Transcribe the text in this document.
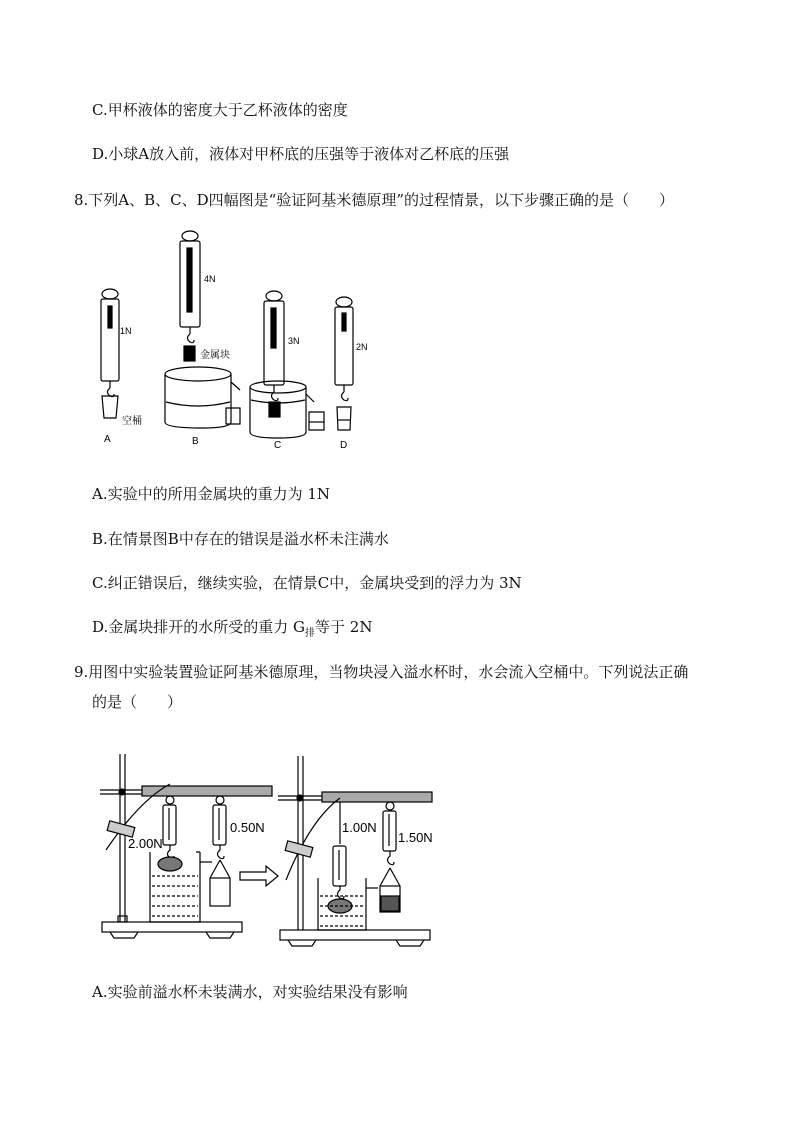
C.甲杯液体的密度大于乙杯液体的密度
D.小球A放入前，液体对甲杯底的压强等于液体对乙杯底的压强
8.下列A、B、C、D四幅图是“验证阿基米德原理”的过程情景，以下步骤正确的是（　　）
1N
4N
3N
2N
空桶
金属块
A	B	C	D
A.实验中的所用金属块的重力为 1N
B.在情景图B中存在的错误是溢水杯未注满水
C.纠正错误后，继续实验，在情景C中，金属块受到的浮力为 3N
D.金属块排开的水所受的重力 $G_排$等于 2N
9.用图中实验装置验证阿基米德原理，当物块浸入溢水杯时，水会流入空桶中。下列说法正确
的是（　　）
2.00N
0.50N	1.00N
1.50N
A.实验前溢水杯未装满水，对实验结果没有影响
